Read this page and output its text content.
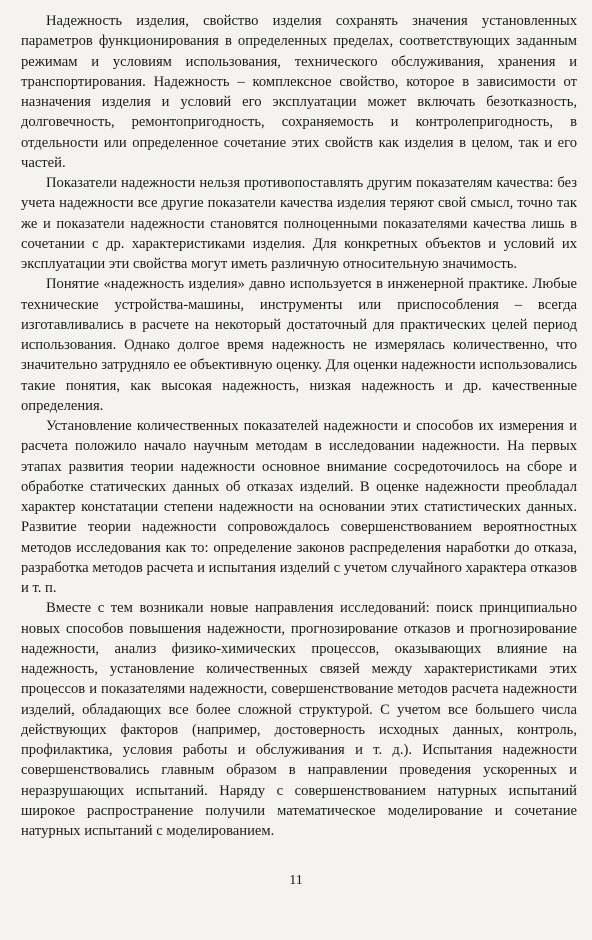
Надежность изделия, свойство изделия сохранять значения установленных параметров функционирования в определенных пределах, соответствующих заданным режимам и условиям использования, технического обслуживания, хранения и транспортирования. Надежность – комплексное свойство, которое в зависимости от назначения изделия и условий его эксплуатации может включать безотказность, долговечность, ремонтопригодность, сохраняемость и контролепригодность, в отдельности или определенное сочетание этих свойств как изделия в целом, так и его частей.

Показатели надежности нельзя противопоставлять другим показателям качества: без учета надежности все другие показатели качества изделия теряют свой смысл, точно так же и показатели надежности становятся полноценными показателями качества лишь в сочетании с др. характеристиками изделия. Для конкретных объектов и условий их эксплуатации эти свойства могут иметь различную относительную значимость.

Понятие «надежность изделия» давно используется в инженерной практике. Любые технические устройства-машины, инструменты или приспособления – всегда изготавливались в расчете на некоторый достаточный для практических целей период использования. Однако долгое время надежность не измерялась количественно, что значительно затрудняло ее объективную оценку. Для оценки надежности использовались такие понятия, как высокая надежность, низкая надежность и др. качественные определения.

Установление количественных показателей надежности и способов их измерения и расчета положило начало научным методам в исследовании надежности. На первых этапах развития теории надежности основное внимание сосредоточилось на сборе и обработке статических данных об отказах изделий. В оценке надежности преобладал характер констатации степени надежности на основании этих статистических данных. Развитие теории надежности сопровождалось совершенствованием вероятностных методов исследования как то: определение законов распределения наработки до отказа, разработка методов расчета и испытания изделий с учетом случайного характера отказов и т. п.

Вместе с тем возникали новые направления исследований: поиск принципиально новых способов повышения надежности, прогнозирование отказов и прогнозирование надежности, анализ физико-химических процессов, оказывающих влияние на надежность, установление количественных связей между характеристиками этих процессов и показателями надежности, совершенствование методов расчета надежности изделий, обладающих все более сложной структурой. С учетом все большего числа действующих факторов (например, достоверность исходных данных, контроль, профилактика, условия работы и обслуживания и т. д.). Испытания надежности совершенствовались главным образом в направлении проведения ускоренных и неразрушающих испытаний. Наряду с совершенствованием натурных испытаний широкое распространение получили математическое моделирование и сочетание натурных испытаний с моделированием.

11
